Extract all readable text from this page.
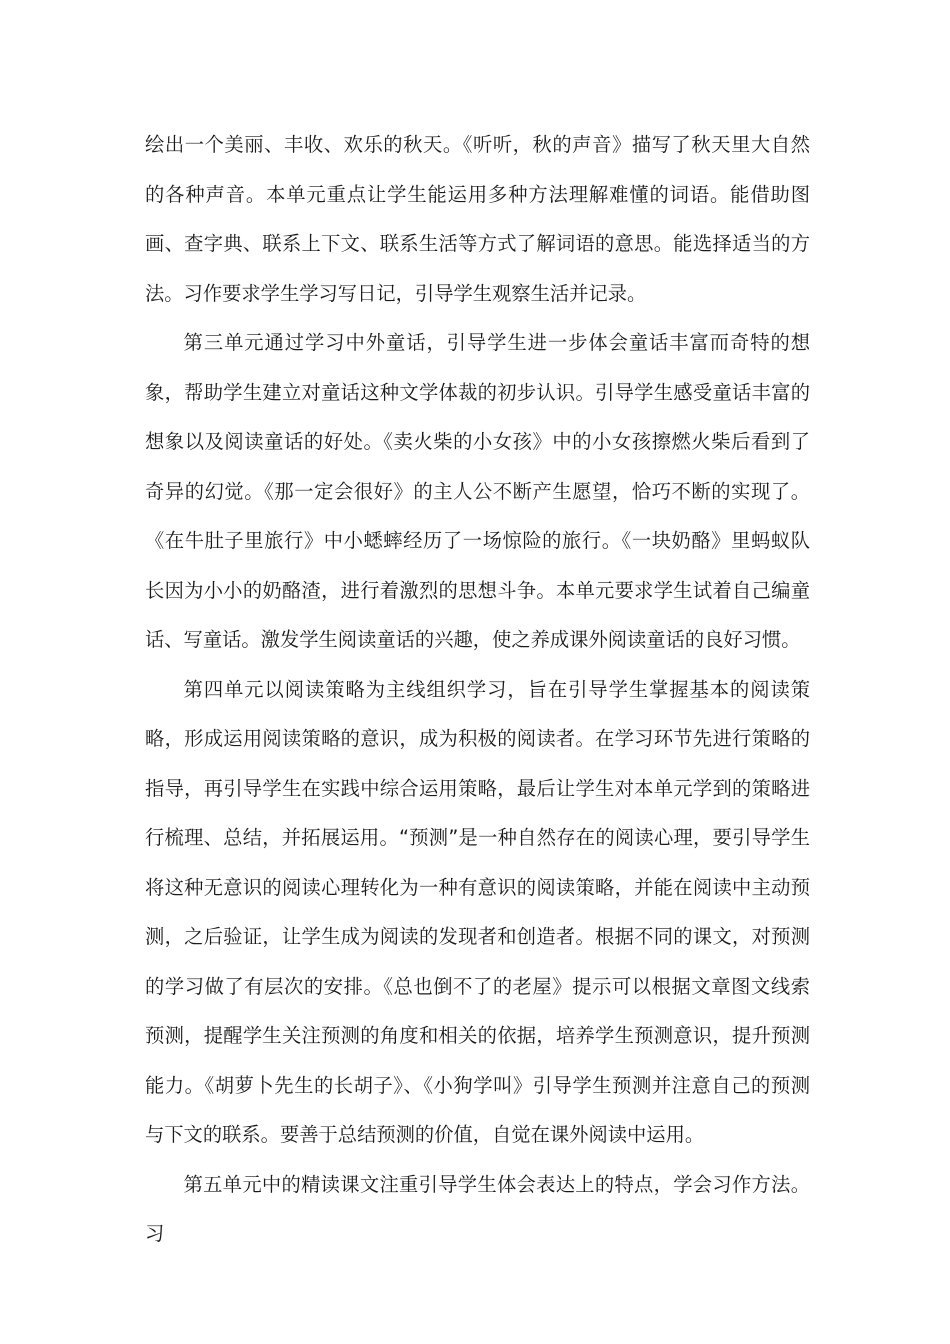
绘出一个美丽、丰收、欢乐的秋天。《听听，秋的声音》描写了秋天里大自然的各种声音。本单元重点让学生能运用多种方法理解难懂的词语。能借助图画、查字典、联系上下文、联系生活等方式了解词语的意思。能选择适当的方法。习作要求学生学习写日记，引导学生观察生活并记录。

第三单元通过学习中外童话，引导学生进一步体会童话丰富而奇特的想象，帮助学生建立对童话这种文学体裁的初步认识。引导学生感受童话丰富的想象以及阅读童话的好处。《卖火柴的小女孩》中的小女孩擦燃火柴后看到了奇异的幻觉。《那一定会很好》的主人公不断产生愿望，恰巧不断的实现了。《在牛肚子里旅行》中小蟋蟀经历了一场惊险的旅行。《一块奶酪》里蚂蚁队长因为小小的奶酪渣，进行着激烈的思想斗争。本单元要求学生试着自己编童话、写童话。激发学生阅读童话的兴趣，使之养成课外阅读童话的良好习惯。

第四单元以阅读策略为主线组织学习，旨在引导学生掌握基本的阅读策略，形成运用阅读策略的意识，成为积极的阅读者。在学习环节先进行策略的指导，再引导学生在实践中综合运用策略，最后让学生对本单元学到的策略进行梳理、总结，并拓展运用。“预测”是一种自然存在的阅读心理，要引导学生将这种无意识的阅读心理转化为一种有意识的阅读策略，并能在阅读中主动预测，之后验证，让学生成为阅读的发现者和创造者。根据不同的课文，对预测的学习做了有层次的安排。《总也倒不了的老屋》提示可以根据文章图文线索预测，提醒学生关注预测的角度和相关的依据，培养学生预测意识，提升预测能力。《胡萝卜先生的长胡子》、《小狗学叫》引导学生预测并注意自己的预测与下文的联系。要善于总结预测的价值，自觉在课外阅读中运用。

第五单元中的精读课文注重引导学生体会表达上的特点，学会习作方法。习
